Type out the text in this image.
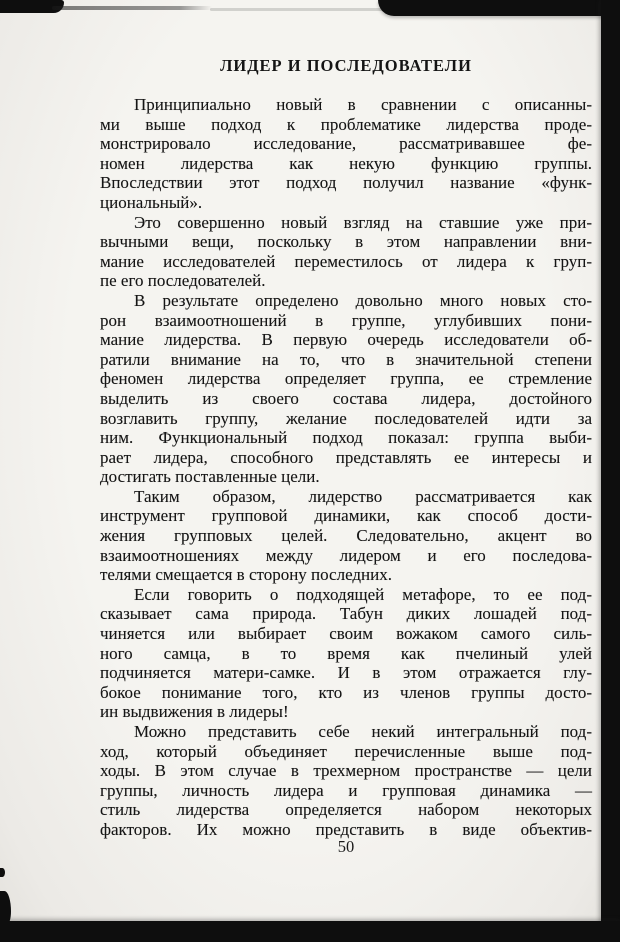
ЛИДЕР И ПОСЛЕДОВАТЕЛИ
Принципиально новый в сравнении с описанны-
ми выше подход к проблематике лидерства проде-
монстрировало исследование, рассматривавшее фе-
номен лидерства как некую функцию группы.
Впоследствии этот подход получил название «функ-
циональный».
Это совершенно новый взгляд на ставшие уже при-
вычными вещи, поскольку в этом направлении вни-
мание исследователей переместилось от лидера к груп-
пе его последователей.
В результате определено довольно много новых сто-
рон взаимоотношений в группе, углубивших пони-
мание лидерства. В первую очередь исследователи об-
ратили внимание на то, что в значительной степени
феномен лидерства определяет группа, ее стремление
выделить из своего состава лидера, достойного
возглавить группу, желание последователей идти за
ним. Функциональный подход показал: группа выби-
рает лидера, способного представлять ее интересы и
достигать поставленные цели.
Таким образом, лидерство рассматривается как
инструмент групповой динамики, как способ дости-
жения групповых целей. Следовательно, акцент во
взаимоотношениях между лидером и его последова-
телями смещается в сторону последних.
Если говорить о подходящей метафоре, то ее под-
сказывает сама природа. Табун диких лошадей под-
чиняется или выбирает своим вожаком самого силь-
ного самца, в то время как пчелиный улей
подчиняется матери-самке. И в этом отражается глу-
бокое понимание того, кто из членов группы досто-
ин выдвижения в лидеры!
Можно представить себе некий интегральный под-
ход, который объединяет перечисленные выше под-
ходы. В этом случае в трехмерном пространстве — цели
группы, личность лидера и групповая динамика —
стиль лидерства определяется набором некоторых
факторов. Их можно представить в виде объектив-
50
